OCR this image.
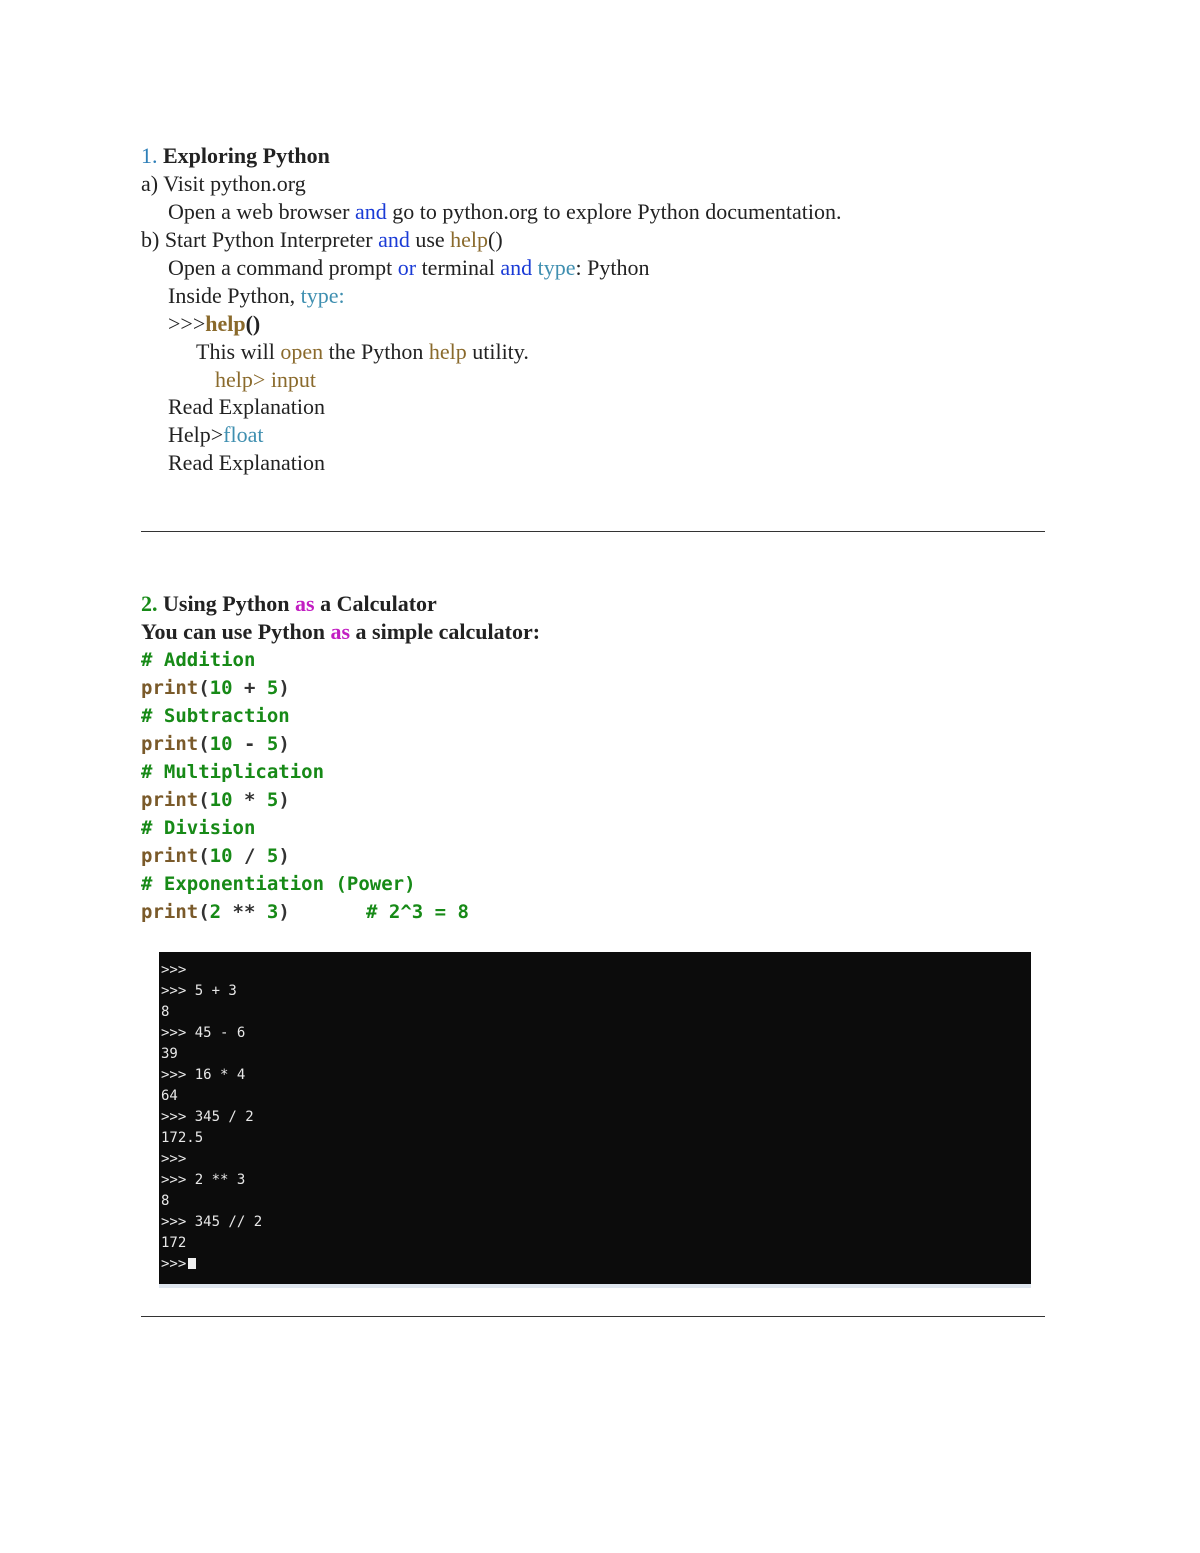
1. Exploring Python
a) Visit python.org
Open a web browser and go to python.org to explore Python documentation.
b) Start Python Interpreter and use help()
Open a command prompt or terminal and type: Python
Inside Python, type:
>>>help()
This will open the Python help utility.
help> input
Read Explanation
Help>float
Read Explanation
2. Using Python as a Calculator
You can use Python as a simple calculator:
# Addition
print(10 + 5)
# Subtraction
print(10 - 5)
# Multiplication
print(10 * 5)
# Division
print(10 / 5)
# Exponentiation (Power)
print(2 ** 3)	# 2^3 = 8
>>>
>>> 5 + 3
8
>>> 45 - 6
39
>>> 16 * 4
64
>>> 345 / 2
172.5
>>>
>>> 2 ** 3
8
>>> 345 // 2
172
>>>
